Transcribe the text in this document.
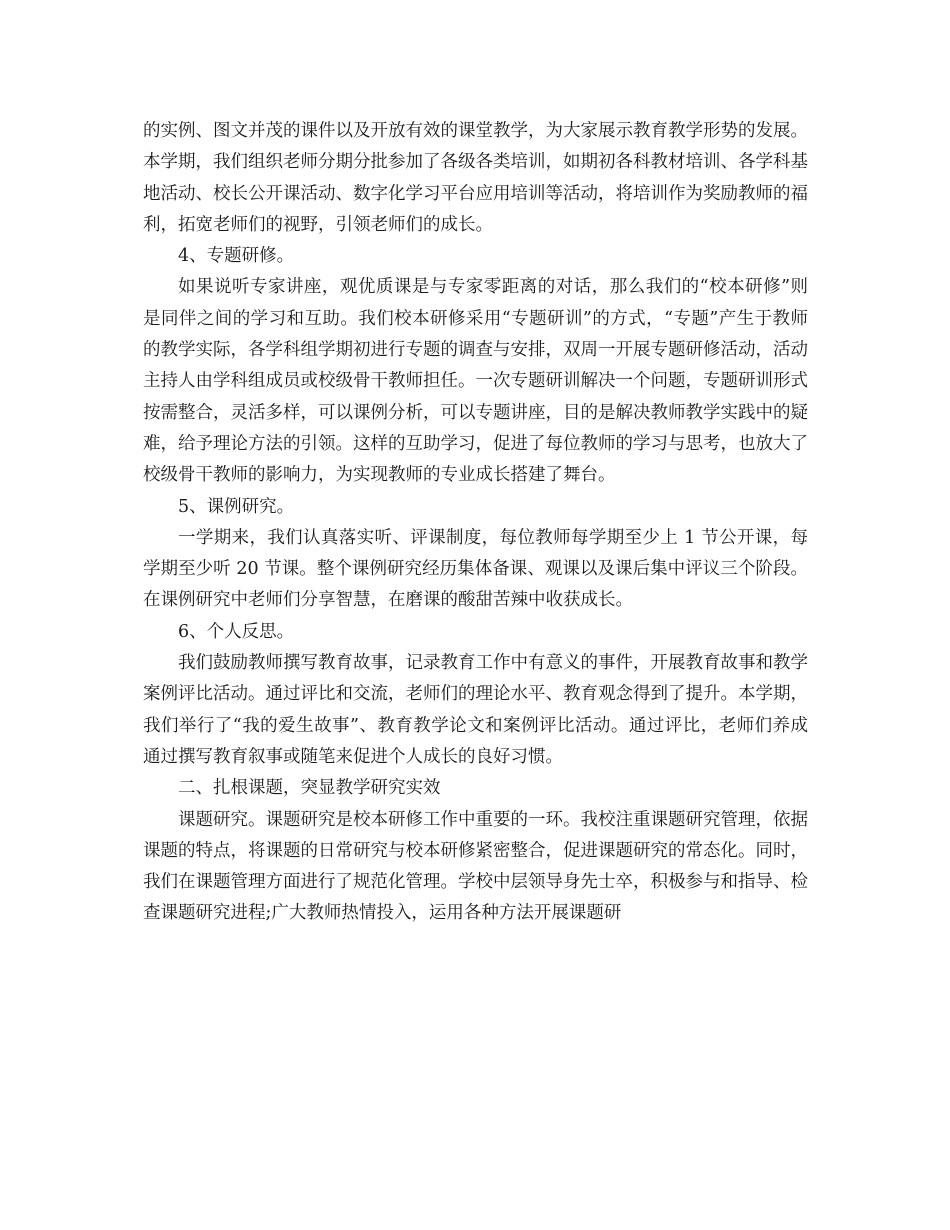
的实例、图文并茂的课件以及开放有效的课堂教学，为大家展示教育教学形势的发展。本学期，我们组织老师分期分批参加了各级各类培训，如期初各科教材培训、各学科基地活动、校长公开课活动、数字化学习平台应用培训等活动，将培训作为奖励教师的福利，拓宽老师们的视野，引领老师们的成长。

4、专题研修。

如果说听专家讲座，观优质课是与专家零距离的对话，那么我们的“校本研修”则是同伴之间的学习和互助。我们校本研修采用“专题研训”的方式，“专题”产生于教师的教学实际，各学科组学期初进行专题的调查与安排，双周一开展专题研修活动，活动主持人由学科组成员或校级骨干教师担任。一次专题研训解决一个问题，专题研训形式按需整合，灵活多样，可以课例分析，可以专题讲座，目的是解决教师教学实践中的疑难，给予理论方法的引领。这样的互助学习，促进了每位教师的学习与思考，也放大了校级骨干教师的影响力，为实现教师的专业成长搭建了舞台。

5、课例研究。

一学期来，我们认真落实听、评课制度，每位教师每学期至少上 1 节公开课，每学期至少听 20 节课。整个课例研究经历集体备课、观课以及课后集中评议三个阶段。在课例研究中老师们分享智慧，在磨课的酸甜苦辣中收获成长。

6、个人反思。

我们鼓励教师撰写教育故事，记录教育工作中有意义的事件，开展教育故事和教学案例评比活动。通过评比和交流，老师们的理论水平、教育观念得到了提升。本学期，我们举行了“我的爱生故事”、教育教学论文和案例评比活动。通过评比，老师们养成通过撰写教育叙事或随笔来促进个人成长的良好习惯。

二、扎根课题，突显教学研究实效

课题研究。课题研究是校本研修工作中重要的一环。我校注重课题研究管理，依据课题的特点，将课题的日常研究与校本研修紧密整合，促进课题研究的常态化。同时，我们在课题管理方面进行了规范化管理。学校中层领导身先士卒，积极参与和指导、检查课题研究进程;广大教师热情投入，运用各种方法开展课题研
